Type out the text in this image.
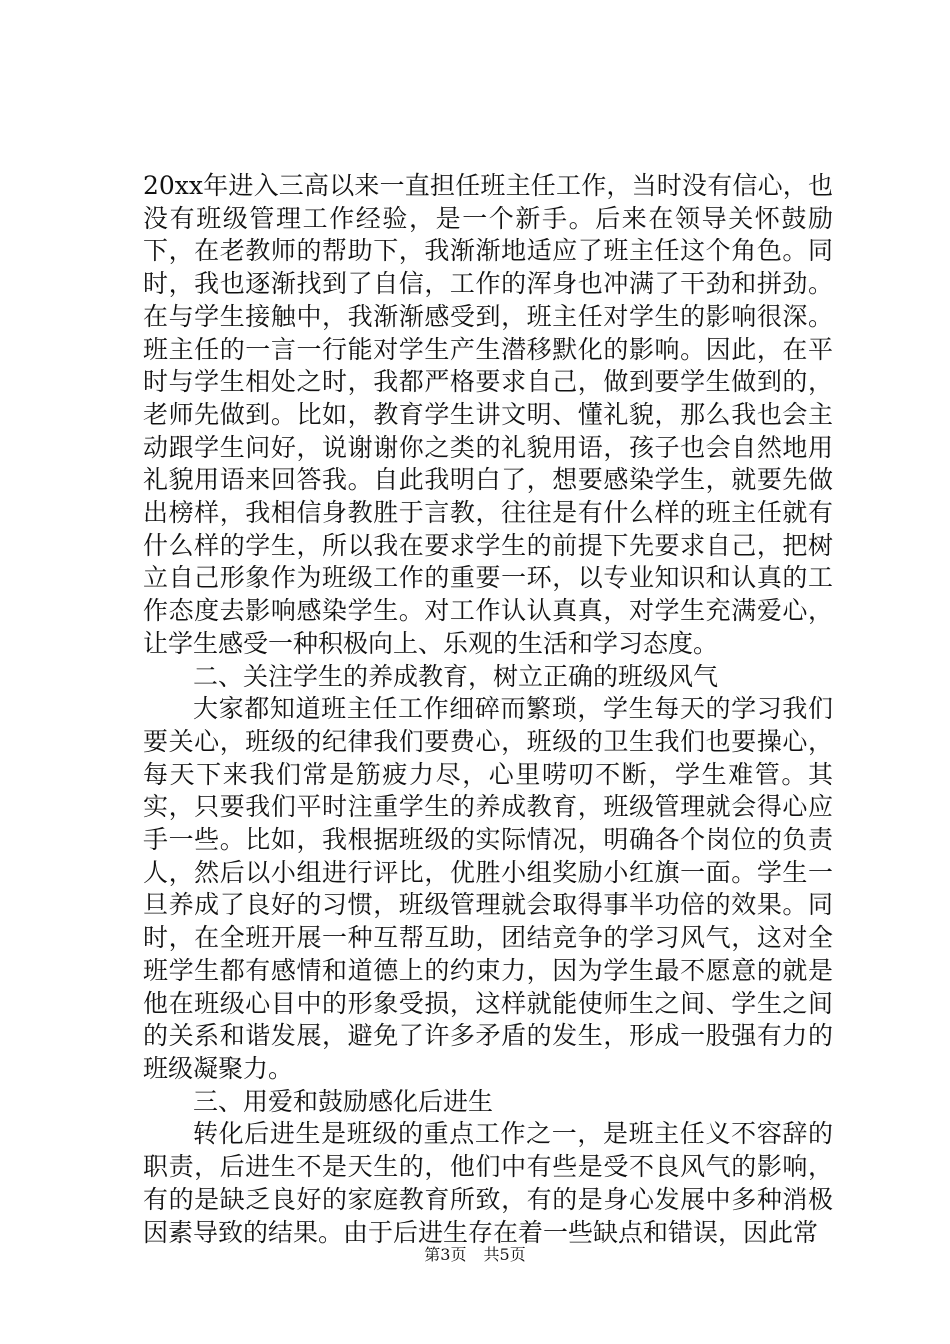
20xx年进入三高以来一直担任班主任工作，当时没有信心，也没有班级管理工作经验，是一个新手。后来在领导关怀鼓励下，在老教师的帮助下，我渐渐地适应了班主任这个角色。同时，我也逐渐找到了自信，工作的浑身也冲满了干劲和拼劲。在与学生接触中，我渐渐感受到，班主任对学生的影响很深。班主任的一言一行能对学生产生潜移默化的影响。因此，在平时与学生相处之时，我都严格要求自己，做到要学生做到的，老师先做到。比如，教育学生讲文明、懂礼貌，那么我也会主动跟学生问好，说谢谢你之类的礼貌用语，孩子也会自然地用礼貌用语来回答我。自此我明白了，想要感染学生，就要先做出榜样，我相信身教胜于言教，往往是有什么样的班主任就有什么样的学生，所以我在要求学生的前提下先要求自己，把树立自己形象作为班级工作的重要一环，以专业知识和认真的工作态度去影响感染学生。对工作认认真真，对学生充满爱心，让学生感受一种积极向上、乐观的生活和学习态度。

二、关注学生的养成教育，树立正确的班级风气

大家都知道班主任工作细碎而繁琐，学生每天的学习我们要关心，班级的纪律我们要费心，班级的卫生我们也要操心，每天下来我们常是筋疲力尽，心里唠叨不断，学生难管。其实，只要我们平时注重学生的养成教育，班级管理就会得心应手一些。比如，我根据班级的实际情况，明确各个岗位的负责人，然后以小组进行评比，优胜小组奖励小红旗一面。学生一旦养成了良好的习惯，班级管理就会取得事半功倍的效果。同时，在全班开展一种互帮互助，团结竞争的学习风气，这对全班学生都有感情和道德上的约束力，因为学生最不愿意的就是他在班级心目中的形象受损，这样就能使师生之间、学生之间的关系和谐发展，避免了许多矛盾的发生，形成一股强有力的班级凝聚力。

三、用爱和鼓励感化后进生

转化后进生是班级的重点工作之一，是班主任义不容辞的职责，后进生不是天生的，他们中有些是受不良风气的影响，有的是缺乏良好的家庭教育所致，有的是身心发展中多种消极因素导致的结果。由于后进生存在着一些缺点和错误，因此常

第3页 共5页
